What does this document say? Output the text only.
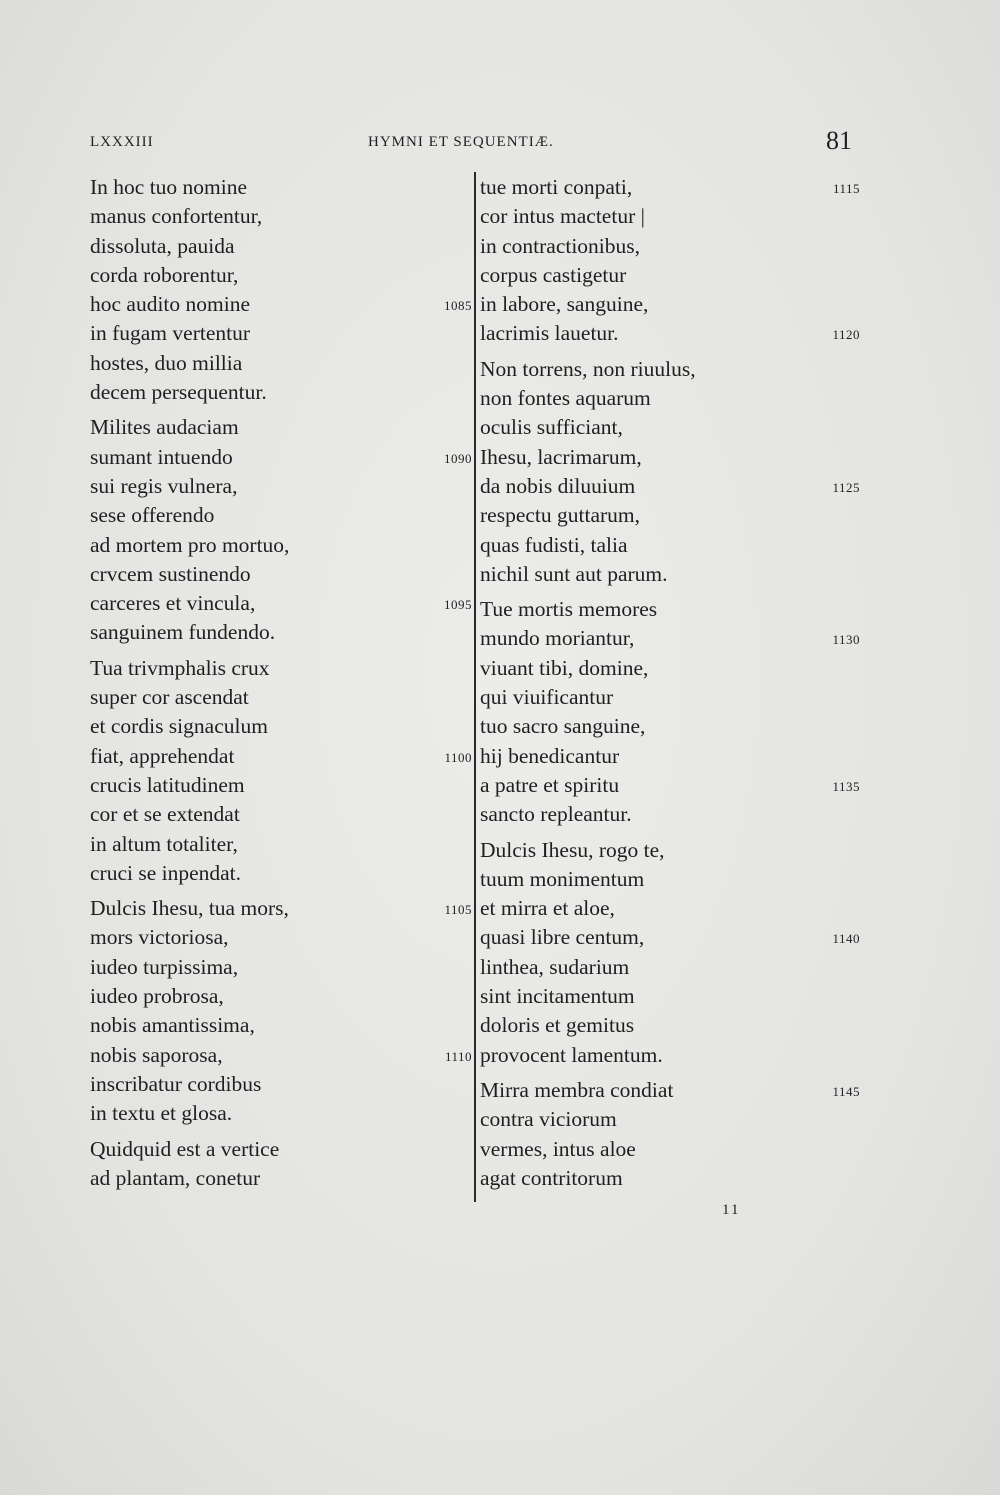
LXXXIII	HYMNI ET SEQUENTIÆ.	81
In hoc tuo nomine
manus confortentur,
dissoluta, pauida
corda roborentur,
hoc audito nomine	1085
in fugam vertentur
hostes, duo millia
decem persequentur.
Milites audaciam
sumant intuendo	1090
sui regis vulnera,
sese offerendo
ad mortem pro mortuo,
crvcem sustinendo
carceres et vincula,	1095
sanguinem fundendo.
Tua trivmphalis crux
super cor ascendat
et cordis signaculum
fiat, apprehendat	1100
crucis latitudinem
cor et se extendat
in altum totaliter,
cruci se inpendat.
Dulcis Ihesu, tua mors,	1105
mors victoriosa,
iudeo turpissima,
iudeo probrosa,
nobis amantissima,
nobis saporosa,	1110
inscribatur cordibus
in textu et glosa.
Quidquid est a vertice
ad plantam, conetur
tue morti conpati,	1115
cor intus mactetur |
in contractionibus,
corpus castigetur
in labore, sanguine,
lacrimis lauetur.	1120
Non torrens, non riuulus,
non fontes aquarum
oculis sufficiant,
Ihesu, lacrimarum,
da nobis diluuium	1125
respectu guttarum,
quas fudisti, talia
nichil sunt aut parum.
Tue mortis memores
mundo moriantur,	1130
viuant tibi, domine,
qui viuificantur
tuo sacro sanguine,
hij benedicantur
a patre et spiritu	1135
sancto repleantur.
Dulcis Ihesu, rogo te,
tuum monimentum
et mirra et aloe,
quasi libre centum,	1140
linthea, sudarium
sint incitamentum
doloris et gemitus
provocent lamentum.
Mirra membra condiat	1145
contra viciorum
vermes, intus aloe
agat contritorum
11
